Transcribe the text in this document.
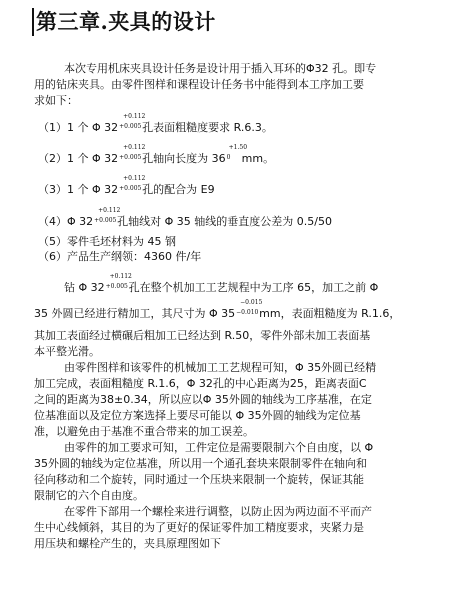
第三章.夹具的设计
本次专用机床夹具设计任务是设计用于插入耳环的Φ32 孔。即专
用的钻床夹具。由零件图样和课程设计任务书中能得到本工序加工要
求如下：
（1）1 个 Φ 32
+0.112
+0.005 孔表面粗糙度要求 R.6.3。
（2）1 个 Φ 32
+0.112
+0.005 孔轴向长度为 36
+1.50
0 mm。
（3）1 个 Φ 32
+0.112
+0.005 孔的配合为 E9
（4）Φ 32
+0.112
+0.005 孔轴线对 Φ 35 轴线的垂直度公差为 0.5/50
（5）零件毛坯材料为 45 钢
（6）产品生产纲领：4360 件/年
钻 Φ 32
+0.112
+0.005 孔在整个机加工工艺规程中为工序 65，加工之前 Φ
35 外圆已经进行精加工，其尺寸为 Φ 35
−0.015
−0.010 mm，表面粗糙度为 R.1.6，
其加工表面经过横碾后粗加工已经达到 R.50，零件外部未加工表面基
本平整光滑。
由零件图样和该零件的机械加工工艺规程可知，Φ 35外圆已经精
加工完成，表面粗糙度 R.1.6，Φ 32孔的中心距离为25，距离表面C
之间的距离为38±0.34，所以应以Φ 35外圆的轴线为工序基准，在定
位基准面以及定位方案选择上要尽可能以 Φ 35外圆的轴线为定位基
准，以避免由于基准不重合带来的加工误差。
由零件的加工要求可知，工件定位是需要限制六个自由度，以 Φ
35外圆的轴线为定位基准，所以用一个通孔套块来限制零件在轴向和
径向移动和二个旋转，同时通过一个压块来限制一个旋转，保证其能
限制它的六个自由度。
在零件下部用一个螺栓来进行调整，以防止因为两边面不平而产
生中心线倾斜，其目的为了更好的保证零件加工精度要求，夹紧力是
用压块和螺栓产生的，夹具原理图如下
